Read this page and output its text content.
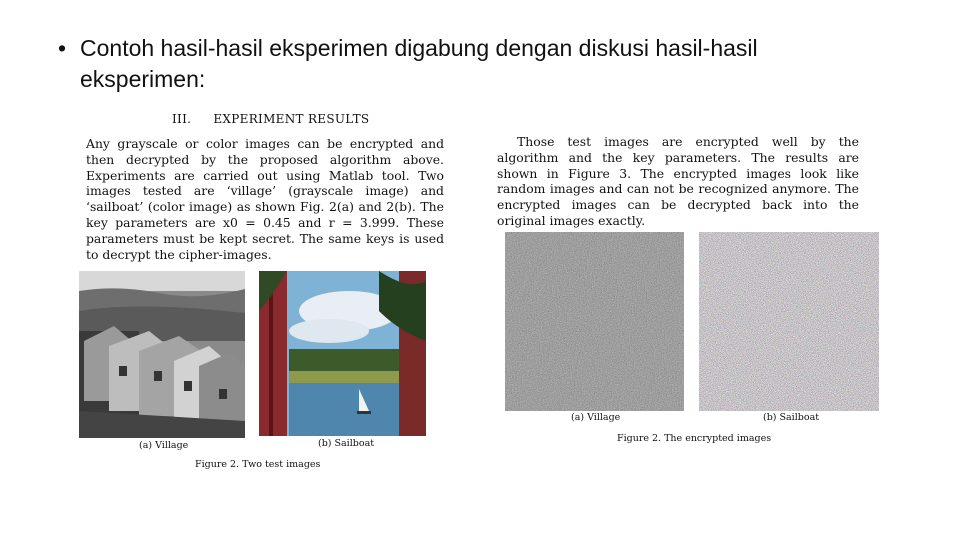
• Contoh hasil-hasil eksperimen digabung dengan diskusi hasil-hasil eksperimen:
III. EXPERIMENT RESULTS
Any grayscale or color images can be encrypted and then decrypted by the proposed algorithm above. Experiments are carried out using Matlab tool. Two images tested are ‘village’ (grayscale image) and ‘sailboat’ (color image) as shown Fig. 2(a) and 2(b). The key parameters are x0 = 0.45 and r = 3.999. These parameters must be kept secret. The same keys is used to decrypt the cipher-images.
Those test images are encrypted well by the algorithm and the key parameters. The results are shown in Figure 3. The encrypted images look like random images and can not be recognized anymore. The encrypted images can be decrypted back into the original images exactly.
(a) Village	(b) Sailboat
Figure 2. Two test images
(a) Village	(b) Sailboat
Figure 2. The encrypted images
